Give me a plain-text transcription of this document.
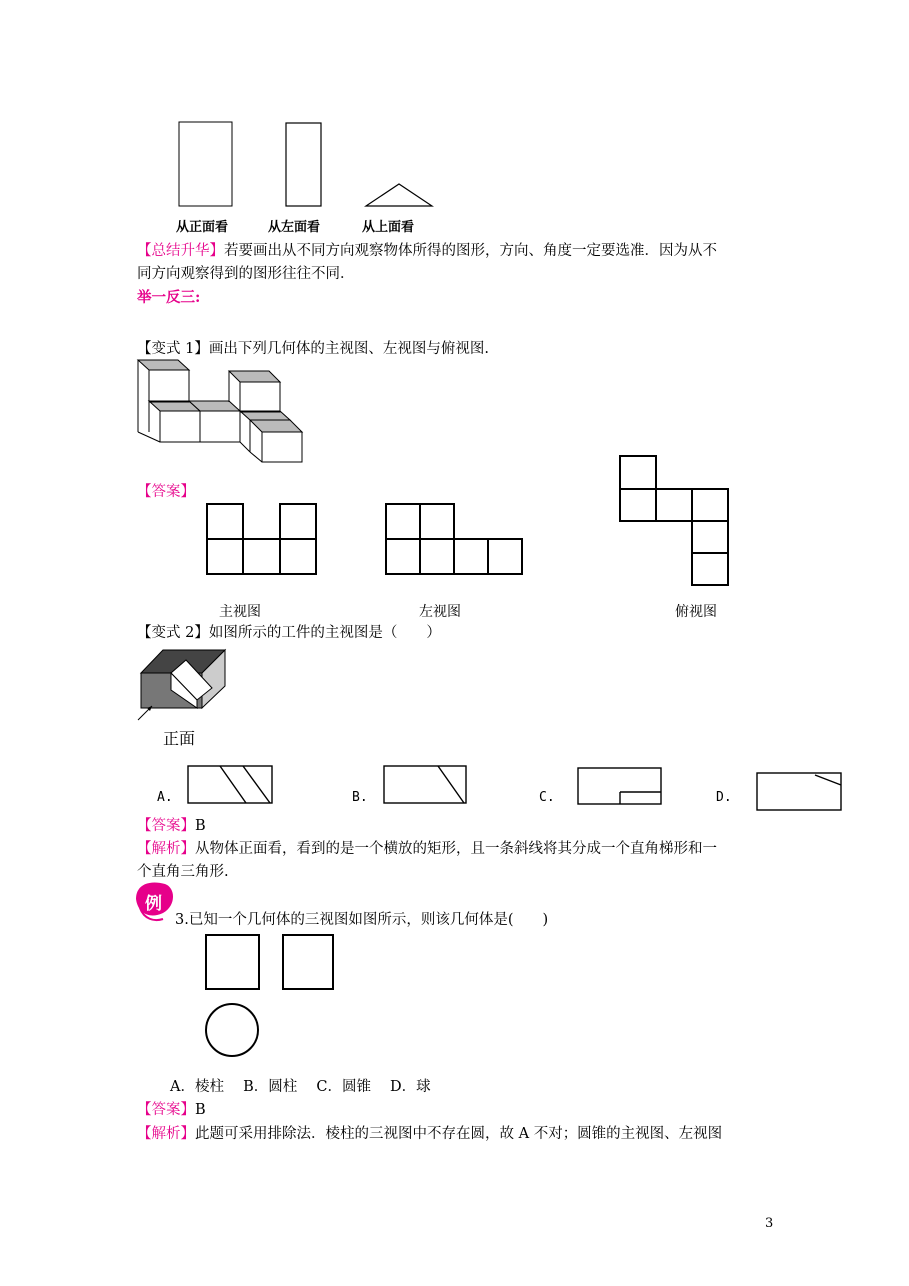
从正面看	从左面看	从上面看
【总结升华】若要画出从不同方向观察物体所得的图形，方向、角度一定要选准．因为从不
同方向观察得到的图形往往不同．
举一反三:
【变式 1】画出下列几何体的主视图、左视图与俯视图.
【答案】
主视图	左视图	俯视图
【变式 2】如图所示的工件的主视图是（　　）
正面
A.	B.	C.	D.
【答案】B
【解析】从物体正面看，看到的是一个横放的矩形，且一条斜线将其分成一个直角梯形和一
个直角三角形.
例
3.已知一个几何体的三视图如图所示，则该几何体是(　　)
A．棱柱　 B．圆柱　 C．圆锥　 D．球
【答案】B
【解析】此题可采用排除法．棱柱的三视图中不存在圆，故 A 不对；圆锥的主视图、左视图
3
